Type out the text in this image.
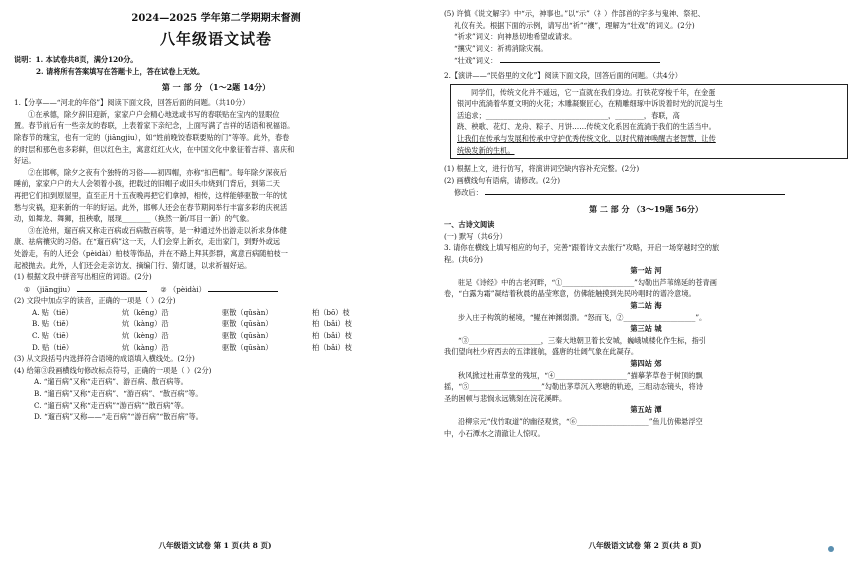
2024—2025 学年第二学期期末督测

八年级语文试卷

说明：1. 本试卷共8页，满分120分。

2. 请将所有答案填写在答题卡上，答在试卷上无效。

第 一 部 分 （1～2题 14分）

1.【分享——“河北的年俗”】阅读下面文段，回答后面的问题。（共10分）

①在承德，除夕辞旧迎新，家家户户会精心地选或书写的春联贴在宝内的显眼位

置。春节前后有一些亲友的春联，上表着家下亲纪念，上面写满了吉祥的话语和祝福语。

除春节的瑰宝，也有一定的（jiāngjiu），如“姓前晚饺春联要贴的门”等等。此外，春卷

的时层和那色也多彩鲜，但以红色主，寓意红红火火，在中国文化中象征着吉祥、喜庆和

好运。

②在邯郸，除夕之夜有个独特的习俗——初四帽，亦称“扣芭帽”。每年除夕深夜后

睡前，家家户户的大人会领着小孩，把载过的旧帽子或旧头巾烧到门背后，到第二天

再把它们扣到原屋里，直至正月十五夜晚再把它们拿掉，相传，这样能够驱散一年的忧

愁与灾祸，迎来新的一年的好运。此外，邯郸人还会在春节期间举行丰富多彩的庆祝活

动，如舞龙、舞狮，扭秧歌，展现________（换然一新/耳目一新）的气象。

③在沧州，遛百病又称走百病或百病散百病等，是一种通过外出游走以祈求身体健

康、祛病禳灾的习俗。在“遛百病”这一天，人们会穿上新衣，走出家门，到野外或远

处游走，有的人还会（pèidài）柏枝等饰品，并在不路上拜其彭群，寓意百病随柏枝一

起被抛去。此外，人们还会走亲访友、摘编门行、猜灯谜，以求祈福好运。

(1) 根据文段中拼音写出相应的词语。(2分)

① （jiāngjiu）	② （pèidài）

(2) 文段中加点字的读音，正确的一项是（ ）(2分)

A. 贴（tiē）	炕（kēng）沿	驱散（qǔsàn）	柏（bō）枝
B. 贴（tiě）	炕（kàng）沿	驱散（qūsàn）	柏（bǎi）枝
C. 贴（tiē）	炕（kèng）沿	驱散（qūsàn）	柏（bǎi）枝
D. 贴（tiē）	炕（kàng）沿	驱散（qūsàn）	柏（bǎi）枝

(3) 从文段括号内选择符合语境的成语填入横线处。(2分)

(4) 给第③段画横线句修改标点符号，正确的一项是（ ）(2分)

A. “遛百病”又称“走百病”、游百病、散百病等。

B. “遛百病”又称“走百病”、“游百病”、“散百病”等。

C. “遛百病”又称“走百病”“游百病”“散百病”等。

D. “遛百病”又称——“走百病”“游百病”“散百病”等。

八年级语文试卷 第 1 页(共 8 页)

(5) 许慎《说文解字》中“示，神事也。”以“示”（礻）作部首的字多与鬼神、祭祀、

礼仪有关。根据下面的示例，请写出“祈”“禳”，理解为“壮戏”的词义。(2分)

“祈求”词义：向神恳切地希望或请求。

“攘灾”词义：祈祷消除灾祸。

“壮戏”词义：

2.【演讲——“民俗里的文化”】阅读下面文段，回答后面的问题。（共4分）

同学们，传统文化并不遥远，它一直就在我们身边。打铁花穿梭千年，在金蛋

银河中流淌着华夏文明的火花；木雕凝聚匠心，在精雕细琢中诉说着时光的沉淀与生

活追求；__________________________________，________，春联，高

跷、秧歌、花灯、龙舟、粽子、月饼……传统文化系因在流淌于我们的生活当中。

让我们在传承与发展和传承中守护优秀传统文化，以时代精神唤醒古老智慧，让传

统焕发新的生机。

(1) 根据上文，进行仿写，将演讲词空缺内容补充完整。(2分)

(2) 画横线句有语病，请修改。(2分)

修改后：

第 二 部 分 （3～19题 56分）

一、古诗文阅读

(一) 默写（共6分）

3. 请你在横线上填写相应的句子，完善“跟着诗文去旅行”攻略，开启一场穿越时空的旅

程。(共6分)

第一站 河

驻足《诗经》中的古老河畔，“①____________________”勾勒出芦苇绵延的苍青画

卷，“白露为霜”凝结着秋晨的晶莹寒意，仿佛能触摸到先民吟唱时的谱冷意境。

第二站 海

步入庄子构筑的秘境，“鲲在神渊弱溃。“怒而飞，②____________________”。

第三站 城

“③____________________，三秦大地朝卫着长安城，巍峨城楼化作生标，指引

我们望向杜少府西去的五津渡航，盛唐的壮阔气象在此凝存。

第四站 郊

秋风掀过杜甫草堂的残垣，“④____________________”描摹茅草卷于树顶的飘

摇，“⑤____________________”勾勒出茅草沉入寒塘的轨迹，三组动态镜头，将诗

圣的困顿与悲悯永远镌刻在浣花溪畔。

第五站 潭

沿柳宗元“伐竹取道”的幽径观赏，“⑥____________________”鱼儿仿佛悬浮空

中，小石潭水之清澈让人惊叹。

八年级语文试卷 第 2 页(共 8 页)
